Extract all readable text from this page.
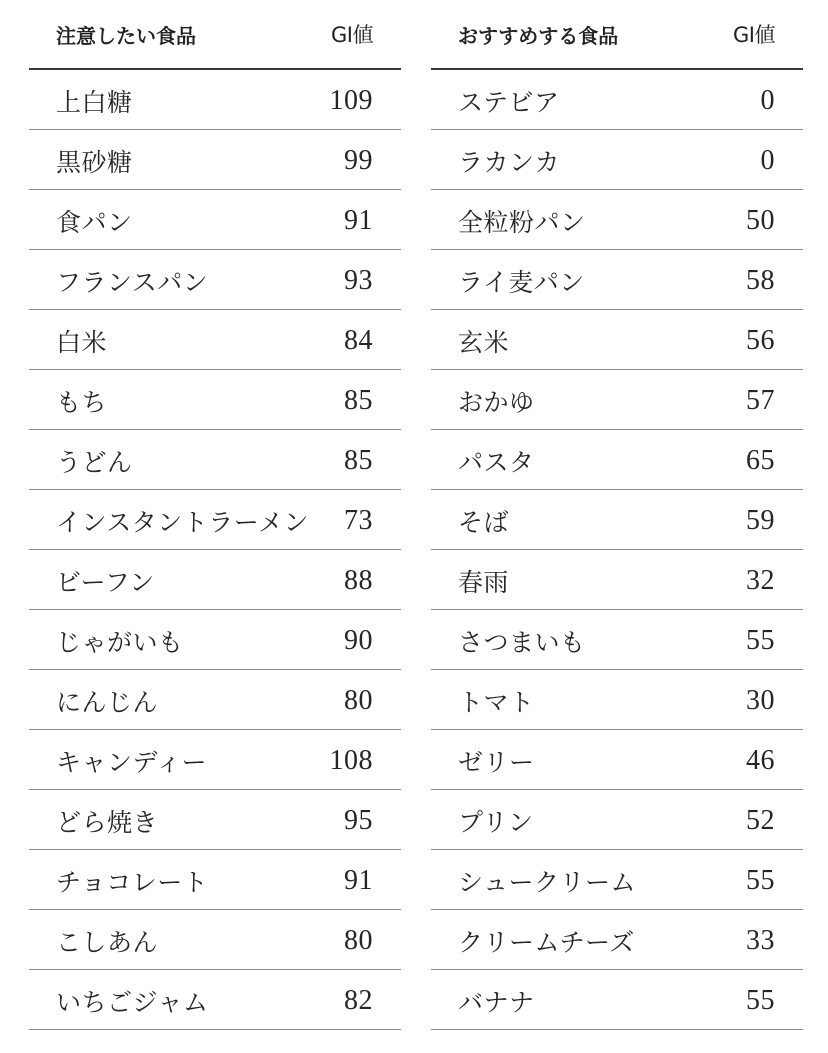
注意したい食品	GI値
上白糖	109
黒砂糖	99
食パン	91
フランスパン	93
白米	84
もち	85
うどん	85
インスタントラーメン 73
ビーフン	88
じゃがいも	90
にんじん	80
キャンディー	108
どら焼き	95
チョコレート	91
こしあん	80
いちごジャム	82
おすすめする食品	GI値
ステビア	0
ラカンカ	0
全粒粉パン	50
ライ麦パン	58
玄米	56
おかゆ	57
パスタ	65
そば	59
春雨	32
さつまいも	55
トマト	30
ゼリー	46
プリン	52
シュークリーム	55
クリームチーズ	33
バナナ	55
